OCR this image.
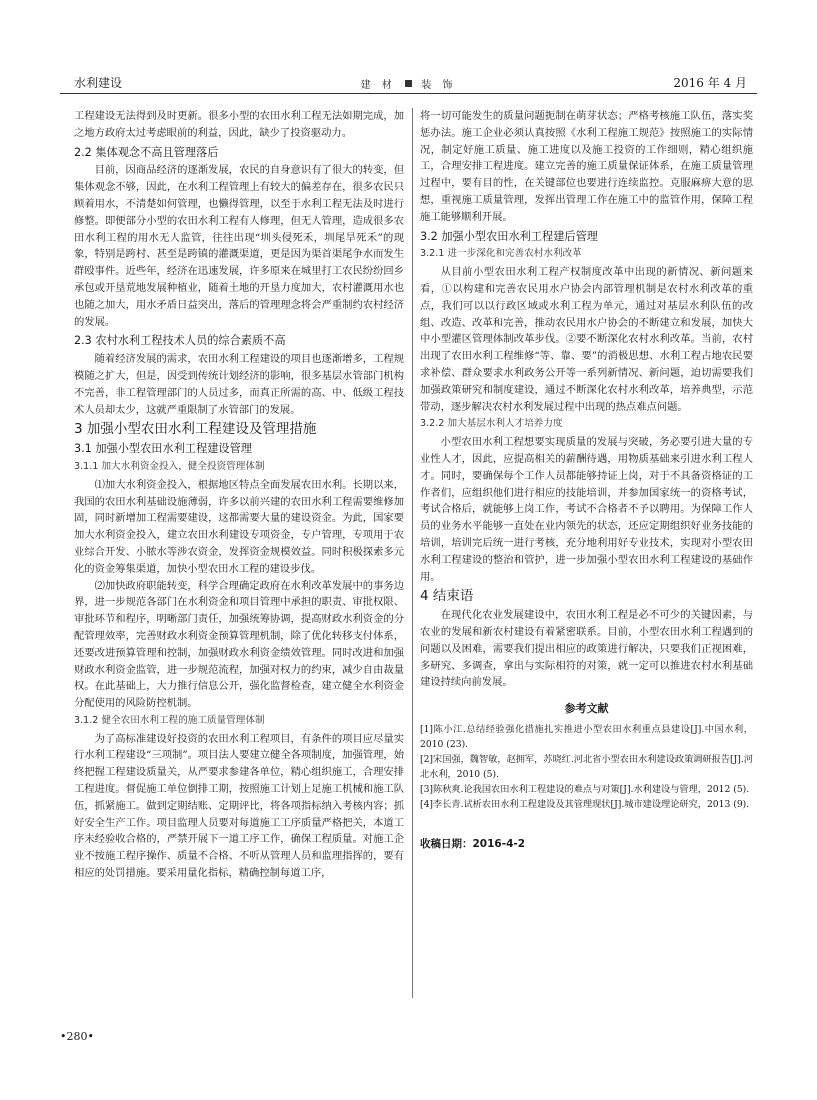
水利建设	建 材	装 饰	2016 年 4 月

工程建设无法得到及时更新。很多小型的农田水利工程无法如期完成，加之地方政府太过考虑眼前的利益，因此，缺少了投资驱动力。

2.2 集体观念不高且管理落后

目前，因商品经济的逐渐发展，农民的自身意识有了很大的转变，但集体观念不够，因此，在水利工程管理上有较大的偏差存在，很多农民只顾着用水，不清楚如何管理，也懒得管理，以至于水利工程无法及时进行修整。即便部分小型的农田水利工程有人修理，但无人管理，造成很多农田水利工程的用水无人监管，往往出现“圳头侵死禾，圳尾旱死禾”的现象，特别是跨村、甚至是跨镇的灌溉渠道，更是因为渠首渠尾争水而发生群殴事件。近些年，经济在迅速发展，许多原来在城里打工农民纷纷回乡承包或开垦荒地发展种植业，随着土地的开垦力度加大，农村灌溉用水也也随之加大，用水矛盾日益突出，落后的管理理念将会严重制约农村经济的发展。

2.3 农村水利工程技术人员的综合素质不高

随着经济发展的需求，农田水利工程建设的项目也逐渐增多，工程规模随之扩大，但是，因受到传统计划经济的影响，很多基层水管部门机构不完善，非工程管理部门的人员过多，而真正所需的高、中、低级工程技术人员却太少，这就严重限制了水管部门的发展。

3 加强小型农田水利工程建设及管理措施
3.1 加强小型农田水利工程建设管理
3.1.1 加大水利资金投入，健全投资管理体制

⑴加大水利资金投入，根据地区特点全面发展农田水利。长期以来，我国的农田水利基础设施薄弱，许多以前兴建的农田水利工程需要维修加固，同时新增加工程需要建设，这都需要大量的建设资金。为此，国家要加大水利资金投入，建立农田水利建设专项资金，专户管理，专项用于农业综合开发、小脓水等涉农资金，发挥资金规模效益。同时积极探索多元化的资金筹集渠道，加快小型农田水工程的建设步伐。

⑵加快政府职能转变，科学合理确定政府在水利改革发展中的事务边界，进一步规范各部门在水利资金和项目管理中承担的职责、审批权限、审批环节和程序，明晰部门责任，加强统筹协调，提高财政水利资金的分配管理效率，完善财政水利资金预算管理机制，除了优化转移支付体系，还要改进预算管理和控制，加强财政水利资金绩效管理。同时改进和加强财政水利资金监管，进一步规范流程，加强对权力的约束，减少自由裁量权。在此基础上，大力推行信息公开，强化监督检查，建立健全水利资金分配使用的风险防控机制。

3.1.2 健全农田水利工程的施工质量管理体制

为了高标准建设好投资的农田水利工程项目，有条件的项目应尽量实行水利工程建设“三项制”。项目法人要建立健全各项制度，加强管理，始终把握工程建设质量关，从严要求参建各单位，精心组织施工，合理安排工程进度。督促施工单位倒排工期，按照施工计划上足施工机械和施工队伍，抓紧施工。做到定期结账、定期评比，将各项指标纳入考核内容；抓好安全生产工作。项目监理人员要对每道施工工序质量严格把关，本道工序未经验收合格的，严禁开展下一道工序工作，确保工程质量。对施工企业不按施工程序操作、质量不合格、不听从管理人员和监理指挥的，要有相应的处罚措施。要采用量化指标，精确控制每道工序，

将一切可能发生的质量问题扼制在萌芽状态；严格考核施工队伍，落实奖惩办法。施工企业必须认真按照《水利工程施工规范》按照施工的实际情况，制定好施工质量、施工进度以及施工投资的工作细则，精心组织施工，合理安排工程进度。建立完善的施工质量保证体系，在施工质量管理过程中，要有目的性，在关键部位也要进行连续监控。克服麻痹大意的思想，重视施工质量管理，发挥出管理工作在施工中的监管作用，保障工程施工能够顺利开展。

3.2 加强小型农田水利工程建后管理
3.2.1 进一步深化和完善农村水利改革

从目前小型农田水利工程产权制度改革中出现的新情况、新问题来看，①以构建和完善农民用水户协会内部管理机制是农村水利改革的重点，我们可以以行政区域或水利工程为单元，通过对基层水利队伍的改组、改造、改革和完善，推动农民用水户协会的不断建立和发展，加快大中小型灌区管理体制改革步伐。②要不断深化农村水利改革。当前，农村出现了农田水利工程维修“等、靠、要”的消极思想、水利工程占地农民要求补偿、群众要求水利政务公开等一系列新情况、新问题，迫切需要我们加强政策研究和制度建设，通过不断深化农村水利改革，培养典型，示范带动，逐步解决农村水利发展过程中出现的热点难点问题。

3.2.2 加大基层水利人才培养力度

小型农田水利工程想要实现质量的发展与突破，务必要引进大量的专业性人才，因此，应提高相关的薪酬待遇，用物质基础来引进水利工程人才。同时，要确保每个工作人员都能够持证上岗，对于不具备资格证的工作者们，应组织他们进行相应的技能培训，并参加国家统一的资格考试，考试合格后，就能够上岗工作，考试不合格者不予以聘用。为保障工作人员的业务水平能够一直处在业内领先的状态，还应定期组织好业务技能的培训，培训完后统一进行考核，充分地利用好专业技术，实现对小型农田水利工程建设的整治和管护，进一步加强小型农田水利工程建设的基础作用。

4 结束语

在现代化农业发展建设中，农田水利工程是必不可少的关键因素，与农业的发展和新农村建设有着紧密联系。目前，小型农田水利工程遇到的问题以及困难，需要我们提出相应的政策进行解决，只要我们正视困难，多研究、多调查，拿出与实际相符的对策，就一定可以推进农村水利基础建设持续向前发展。

参考文献

[1]陈小江.总结经验强化措施扎实推进小型农田水利重点县建设[J].中国水利，2010 (23).

[2]宋国强，魏智敏，赵拥军，苏晓红.河北省小型农田水利建设政策调研报告[J].河北水利，2010 (5).

[3]陈秋爽.论我国农田水利工程建设的难点与对策[J].水利建设与管理，2012 (5).

[4]李长青.试析农田水利工程建设及其管理现状[J].城市建设理论研究，2013 (9).

收稿日期：2016-4-2
•280•
